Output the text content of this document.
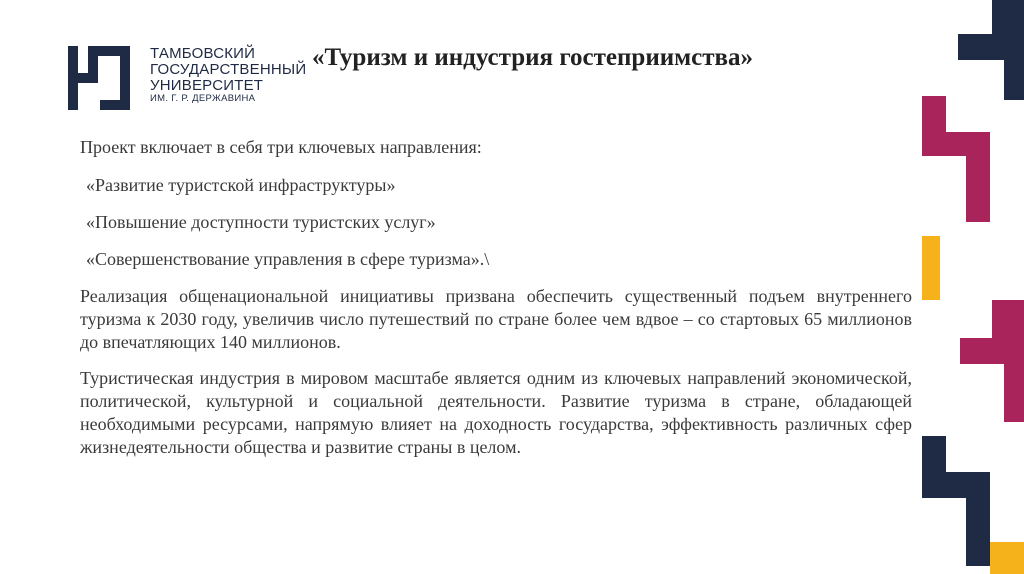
ТАМБОВСКИЙ
ГОСУДАРСТВЕННЫЙ
УНИВЕРСИТЕТ
ИМ. Г. Р. ДЕРЖАВИНА
«Туризм и индустрия гостеприимства»

Проект включает в себя три ключевых направления:

«Развитие туристской инфраструктуры»

«Повышение доступности туристских услуг»

«Совершенствование управления в сфере туризма».\

Реализация общенациональной инициативы призвана обеспечить существенный подъем внутреннего туризма к 2030 году, увеличив число путешествий по стране более чем вдвое – со стартовых 65 миллионов до впечатляющих 140 миллионов.

Туристическая индустрия в мировом масштабе является одним из ключевых направлений экономической, политической, культурной и социальной деятельности. Развитие туризма в стране, обладающей необходимыми ресурсами, напрямую влияет на доходность государства, эффективность различных сфер жизнедеятельности общества и развитие страны в целом.
